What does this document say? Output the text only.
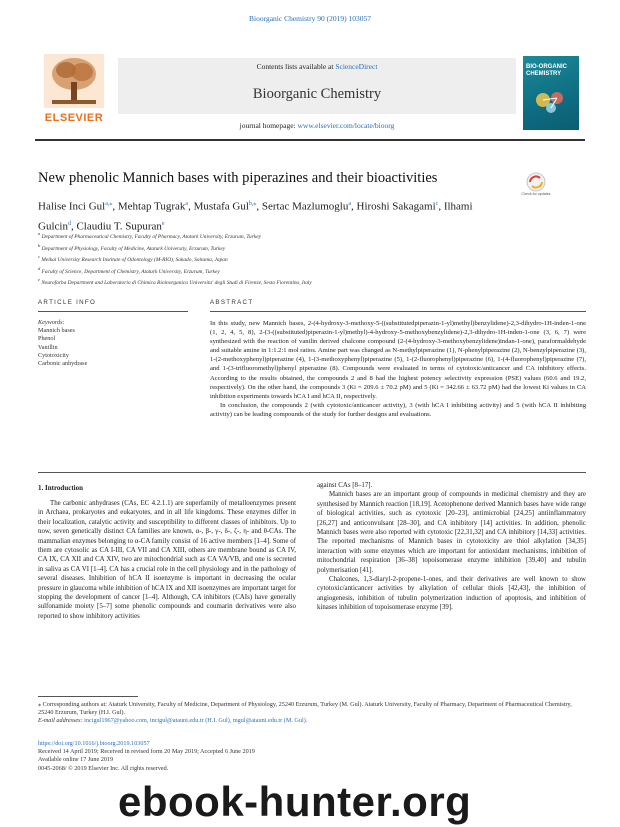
Bioorganic Chemistry 90 (2019) 103057
ELSEVIER
Contents lists available at ScienceDirect
Bioorganic Chemistry
journal homepage: www.elsevier.com/locate/bioorg
BIO-ORGANIC CHEMISTRY
New phenolic Mannich bases with piperazines and their bioactivities
Check for updates
Halise Inci Gul$^{a,⁎}$, Mehtap Tugrak$^a$, Mustafa Gul$^{b,⁎}$, Sertac Mazlumoglu$^a$, Hiroshi Sakagami$^c$, Ilhami Gulcin$^d$, Claudiu T. Supuran$^e$
$^a$ Department of Pharmaceutical Chemistry, Faculty of Pharmacy, Ataturk University, Erzurum, Turkey
$^b$ Department of Physiology, Faculty of Medicine, Ataturk University, Erzurum, Turkey
$^c$ Meikai University Research Institute of Odontology (M-RIO), Sakado, Saitama, Japan
$^d$ Faculty of Science, Department of Chemistry, Ataturk University, Erzurum, Turkey
$^e$ Neurofarba Department and Laboratorio di Chimica Bioinorganica Universita' degli Studi di Firenze, Sesto Fiorentino, Italy
ARTICLE INFO	ABSTRACT
Keywords:
Mannich bases
Phenol
Vanillin
Cytotoxicity
Carbonic anhydrase

In this study, new Mannich bases, 2-(4-hydroxy-3-methoxy-5-((substitutedpiperazin-1-yl)methyl)benzylidene)-2,3-dihydro-1H-inden-1-one (1, 2, 4, 5, 8), 2-(3-((substituted)piperazin-1-yl)methyl)-4-hydroxy-5-methoxybenzylidene)-2,3-dihydro-1H-inden-1-one (3, 6, 7) were synthesized with the reaction of vanilin derived chalcone compound (2-(4-hydroxy-3-methoxybenzylidene)indan-1-one), paraformaldehyde and suitable amine in 1:1.2:1 mol ratios. Amine part was changed as N-methylpiperazine (1), N-phenylpiperazine (2), N-benzylpiperazine (3), 1-(2-methoxyphenyl)piperazine (4), 1-(3-methoxyphenyl)piperazine (5), 1-(2-fluorophenyl)piperazine (6), 1-(4-fluorophenyl)piperazine (7), and 1-(3-trifluoromethyl)phenyl piperazine (8). Compounds were evaluated in terms of cytotoxic/anticancer and CA inhibitory effects. According to the results obtained, the compounds 2 and 8 had the highest potency selectivity expression (PSE) values (60.6 and 19.2, respectively). On the other hand, the compounds 3 (Ki = 209.6 ± 70.2 pM) and 5 (Ki = 342.66 ± 63.72 pM) had the lowest Ki values in CA inhibition experiments towards hCA I and hCA II, respectively.

In conclusion, the compounds 2 (with cytotoxic/anticancer activity), 3 (with hCA I inhibiting activity) and 5 (with hCA II inhibiting activity) can be leading compounds of the study for further designs and evaluations.

1. Introduction

The carbonic anhydrases (CAs, EC 4.2.1.1) are superfamily of metalloenzymes present in Archaea, prokaryotes and eukaryotes, and in all life kingdoms. These enzymes differ in their localization, catalytic activity and susceptibility to different classes of inhibitors. Up to now, seven genetically distinct CA families are known, α-, β-, γ-, δ-, ζ-, η- and θ-CAs. The mammalian enzymes belonging to α-CA family consist of 16 active members [1–4]. Some of them are cytosolic as CA I-III, CA VII and CA XIII, others are membrane bound as CA IV, CA IX, CA XII and CA XIV, two are mitochondrial such as CA VA/VB, and one is secreted in saliva as CA VI [1–4]. CA has a crucial role in the cell physiology and in the pathology of several diseases. Inhibition of hCA II isoenzyme is important in decreasing the ocular pressure in glaucoma while inhibition of hCA IX and XII isoenzymes are important target for stopping the development of cancer [1–4]. Although, CA inhibitors (CAIs) have generally sulfonamide moiety [5–7] some phenolic compounds and coumarin derivatives were also reported to show inhibitory activities

against CAs [8–17].

Mannich bases are an important group of compounds in medicinal chemistry and they are synthesised by Mannich reaction [18,19]. Acetophenone derived Mannich bases have wide range of biological activities, such as cytotoxic [20–23], antimicrobial [24,25] antiinflammatory [26,27] and anticonvulsant [28–30], and CA inhibitory [14] activities. In addition, phenolic Mannich bases were also reported with cytotoxic [22,31,32] and CA inhibitory [14,33] activities. The reported mechanisms of Mannich bases in cytotoxicity are thiol alkylation [34,35] interaction with some enzymes which are important for antioxidant mechanisms, inhibition of mitochondrial respiration [36–38] topoisomerase enzyme inhibition [39,40] and tubulin polymerisation [41].

Chalcones, 1,3-diaryl-2-propene-1-ones, and their derivatives are well known to show cytotoxic/anticancer activities by alkylation of cellular thiols [42,43], the inhibition of angiogenesis, inhibition of tubulin polymerization induction of apoptosis, and inhibition of kinases inhibition of topoisomerase enzyme [39].

⁎ Corresponding authors at: Ataturk University, Faculty of Medicine, Department of Physiology, 25240 Erzurum, Turkey (M. Gul). Ataturk University, Faculty of Pharmacy, Department of Pharmaceutical Chemistry, 25240 Erzurum, Turkey (H.I. Gul).
E-mail addresses: incigul1967@yahoo.com, incigul@atauni.edu.tr (H.I. Gul), mgul@atauni.edu.tr (M. Gul).
https://doi.org/10.1016/j.bioorg.2019.103057
Received 14 April 2019; Received in revised form 20 May 2019; Accepted 6 June 2019
Available online 17 June 2019
0045-2068/ © 2019 Elsevier Inc. All rights reserved.
ebook-hunter.org
